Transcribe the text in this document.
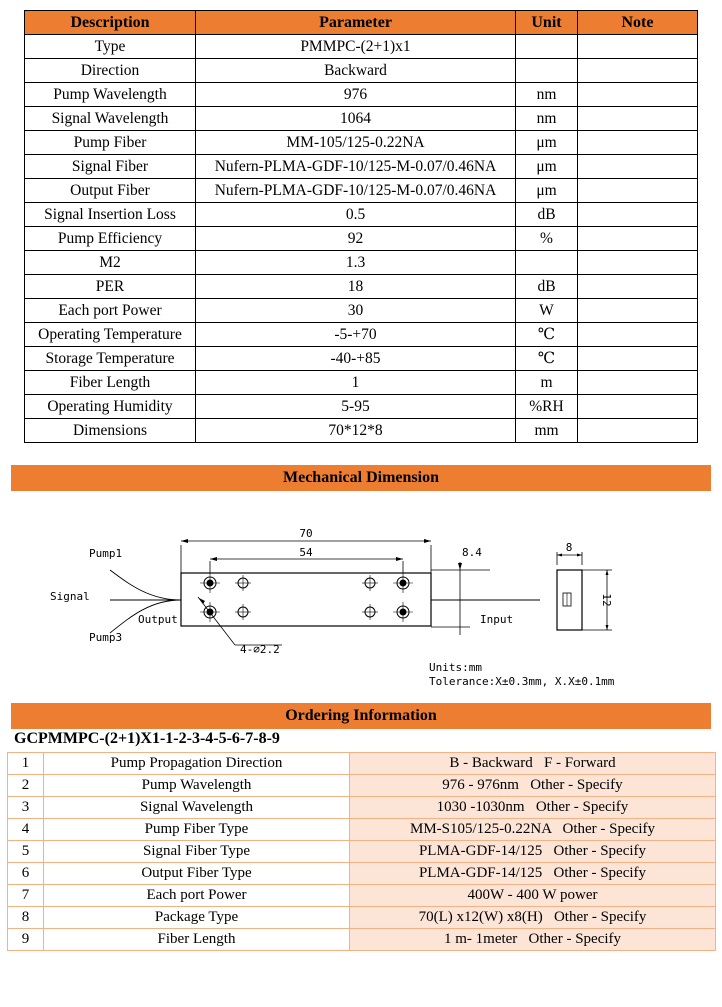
Description	Parameter	Unit	Note
Type	PMMPC-(2+1)x1		
Direction	Backward		
Pump Wavelength	976	nm	
Signal Wavelength	1064	nm	
Pump Fiber	MM-105/125-0.22NA	μm	
Signal Fiber	Nufern-PLMA-GDF-10/125-M-0.07/0.46NA	μm	
Output Fiber	Nufern-PLMA-GDF-10/125-M-0.07/0.46NA	μm	
Signal Insertion Loss	0.5	dB	
Pump Efficiency	92	%	
M2	1.3		
PER	18	dB	
Each port Power	30	W	
Operating Temperature	-5-+70	℃	
Storage Temperature	-40-+85	℃	
Fiber Length	1	m	
Operating Humidity	5-95	%RH	
Dimensions	70*12*8	mm	
Mechanical Dimension
70
54	8.4
4-⌀2.2
Pump1
Signal
Pump3
Output	Input
8
12
Units:mm
Tolerance:X±0.3mm, X.X±0.1mm
Ordering Information
GCPMMPC-(2+1)X1-1-2-3-4-5-6-7-8-9
1	Pump Propagation Direction	B - Backward   F - Forward
2	Pump Wavelength	976 - 976nm   Other - Specify
3	Signal Wavelength	1030 -1030nm   Other - Specify
4	Pump Fiber Type	MM-S105/125-0.22NA   Other - Specify
5	Signal Fiber Type	PLMA-GDF-14/125   Other - Specify
6	Output Fiber Type	PLMA-GDF-14/125   Other - Specify
7	Each port Power	400W - 400 W power
8	Package Type	70(L) x12(W) x8(H)   Other - Specify
9	Fiber Length	1 m- 1meter   Other - Specify
